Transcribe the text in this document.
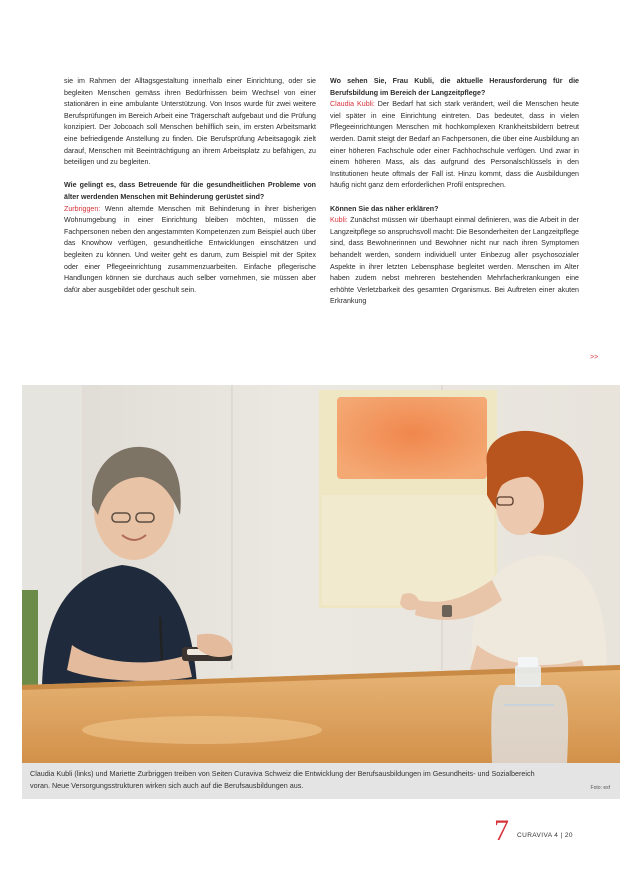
sie im Rahmen der Alltagsgestaltung innerhalb einer Einrichtung, oder sie begleiten Menschen gemäss ihren Bedürfnissen beim Wechsel von einer stationären in eine ambulante Unterstützung. Von Insos wurde für zwei weitere Berufsprüfungen im Bereich Arbeit eine Trägerschaft aufgebaut und die Prüfung konzipiert. Der Jobcoach soll Menschen behilflich sein, im ersten Arbeitsmarkt eine befriedigende Anstellung zu finden. Die Berufsprüfung Arbeitsagogik zielt darauf, Menschen mit Beeinträchtigung an ihrem Arbeitsplatz zu befähigen, zu beteiligen und zu begleiten.

Wie gelingt es, dass Betreuende für die gesundheitlichen Probleme von älter werdenden Menschen mit Behinderung gerüstet sind?

Zurbriggen: Wenn alternde Menschen mit Behinderung in ihrer bisherigen Wohnumgebung in einer Einrichtung bleiben möchten, müssen die Fachpersonen neben den angestammten Kompetenzen zum Beispiel auch über das Knowhow verfügen, gesundheitliche Entwicklungen einschätzen und begleiten zu können. Und weiter geht es darum, zum Beispiel mit der Spitex oder einer Pflegeeinrichtung zusammenzuarbeiten. Einfache pflegerische Handlungen können sie durchaus auch selber vornehmen, sie müssen aber dafür aber ausgebildet oder geschult sein.

Wo sehen Sie, Frau Kubli, die aktuelle Herausforderung für die Berufsbildung im Bereich der Langzeitpflege?

Claudia Kubli: Der Bedarf hat sich stark verändert, weil die Menschen heute viel später in eine Einrichtung eintreten. Das bedeutet, dass in vielen Pflegeeinrichtungen Menschen mit hochkomplexen Krankheitsbildern betreut werden. Damit steigt der Bedarf an Fachpersonen, die über eine Ausbildung an einer höheren Fachschule oder einer Fachhochschule verfügen. Und zwar in einem höheren Mass, als das aufgrund des Personalschlüssels in den Institutionen heute oftmals der Fall ist. Hinzu kommt, dass die Ausbildungen häufig nicht ganz dem erforderlichen Profil entsprechen.

Können Sie das näher erklären?

Kubli: Zunächst müssen wir überhaupt einmal definieren, was die Arbeit in der Langzeitpflege so anspruchsvoll macht: Die Besonderheiten der Langzeitpflege sind, dass Bewohnerinnen und Bewohner nicht nur nach ihren Symptomen behandelt werden, sondern individuell unter Einbezug aller psychosozialer Aspekte in ihrer letzten Lebensphase begleitet werden. Menschen im Alter haben zudem nebst mehreren bestehenden Mehrfacherkrankungen eine erhöhte Verletzbarkeit des gesamten Organismus. Bei Auftreten einer akuten Erkrankung

>>
Claudia Kubli (links) und Mariette Zurbriggen treiben von Seiten Curaviva Schweiz die Entwicklung der Berufsausbildungen im Gesundheits- und Sozialbereich voran. Neue Versorgungsstrukturen wirken sich auch auf die Berufsausbildungen aus.	Foto: esf
7 CURAVIVA 4 | 20
